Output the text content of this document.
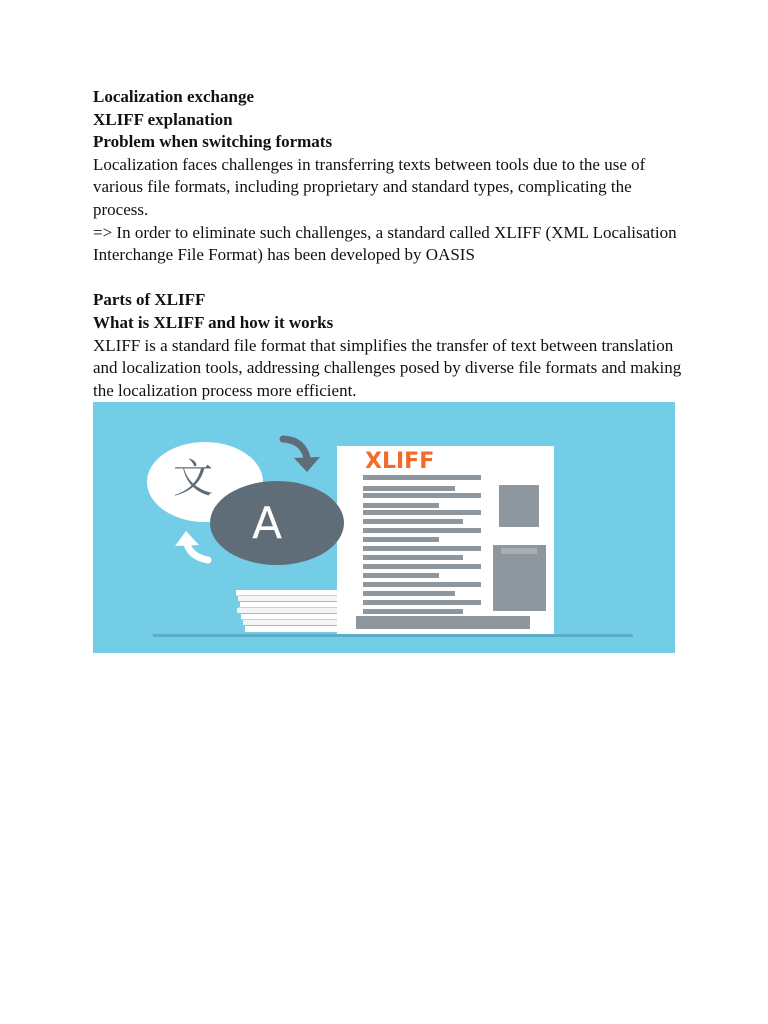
Localization exchange

XLIFF explanation

Problem when switching formats

Localization faces challenges in transferring texts between tools due to the use of various file formats, including proprietary and standard types, complicating the process.

=> In order to eliminate such challenges, a standard called XLIFF (XML Localisation Interchange File Format) has been developed by OASIS

Parts of XLIFF

What is XLIFF and how it works

XLIFF is a standard file format that simplifies the transfer of text between translation and localization tools, addressing challenges posed by diverse file formats and making the localization process more efficient.

XLIFF
文
A
